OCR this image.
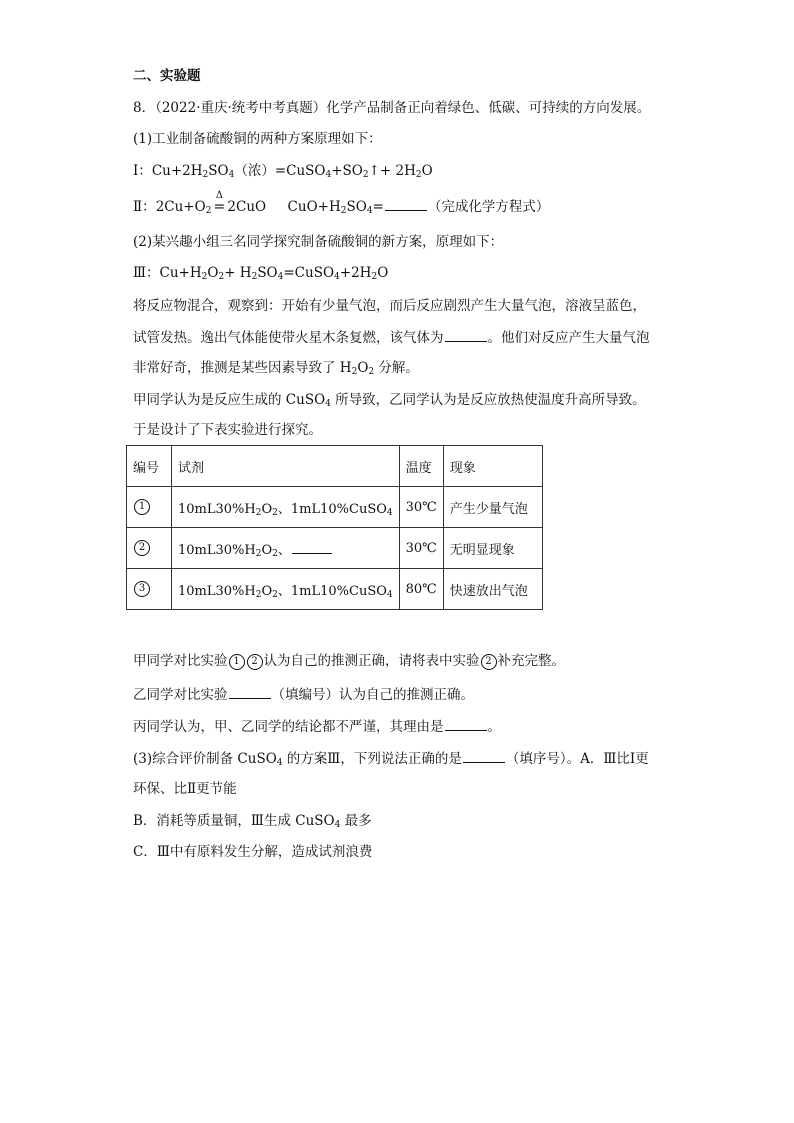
二、实验题
8．（2022·重庆·统考中考真题）化学产品制备正向着绿色、低碳、可持续的方向发展。
(1)工业制备硫酸铜的两种方案原理如下：
Ⅰ：$Cu+2H_2SO_4$（浓）$=CuSO_4+SO_2↑+ 2H_2O$
Ⅱ：$2Cu+O_2$
Δ
= 2CuO     $CuO+H_2SO_4=$	（完成化学方程式）
(2)某兴趣小组三名同学探究制备硫酸铜的新方案，原理如下：
Ⅲ：$Cu+H_2O_2+$ $H_2SO_4=CuSO_4+2H_2O$
将反应物混合，观察到：开始有少量气泡，而后反应剧烈产生大量气泡，溶液呈蓝色，
试管发热。逸出气体能使带火星木条复燃，该气体为	。他们对反应产生大量气泡
非常好奇，推测是某些因素导致了 $H_2O_2$ 分解。
甲同学认为是反应生成的 CuSO$_4$ 所导致，乙同学认为是反应放热使温度升高所导致。
于是设计了下表实验进行探究。
编号	试剂	温度	现象
1	$10mL30\%H_2O_2$、1mL10%CuSO$_4$	30℃	产生少量气泡
2	$10mL30\%H_2O_2$、	30℃	无明显现象
3	$10mL30\%H_2O_2$、1mL10%CuSO$_4$	80℃	快速放出气泡
甲同学对比实验 1 2 认为自己的推测正确，请将表中实验 2 补充完整。
乙同学对比实验	（填编号）认为自己的推测正确。
丙同学认为，甲、乙同学的结论都不严谨，其理由是	。
(3)综合评价制备 CuSO$_4$ 的方案Ⅲ，下列说法正确的是	（填序号）。A．Ⅲ比Ⅰ更
环保、比Ⅱ更节能
B．消耗等质量铜，Ⅲ生成 CuSO$_4$ 最多
C．Ⅲ中有原料发生分解，造成试剂浪费
